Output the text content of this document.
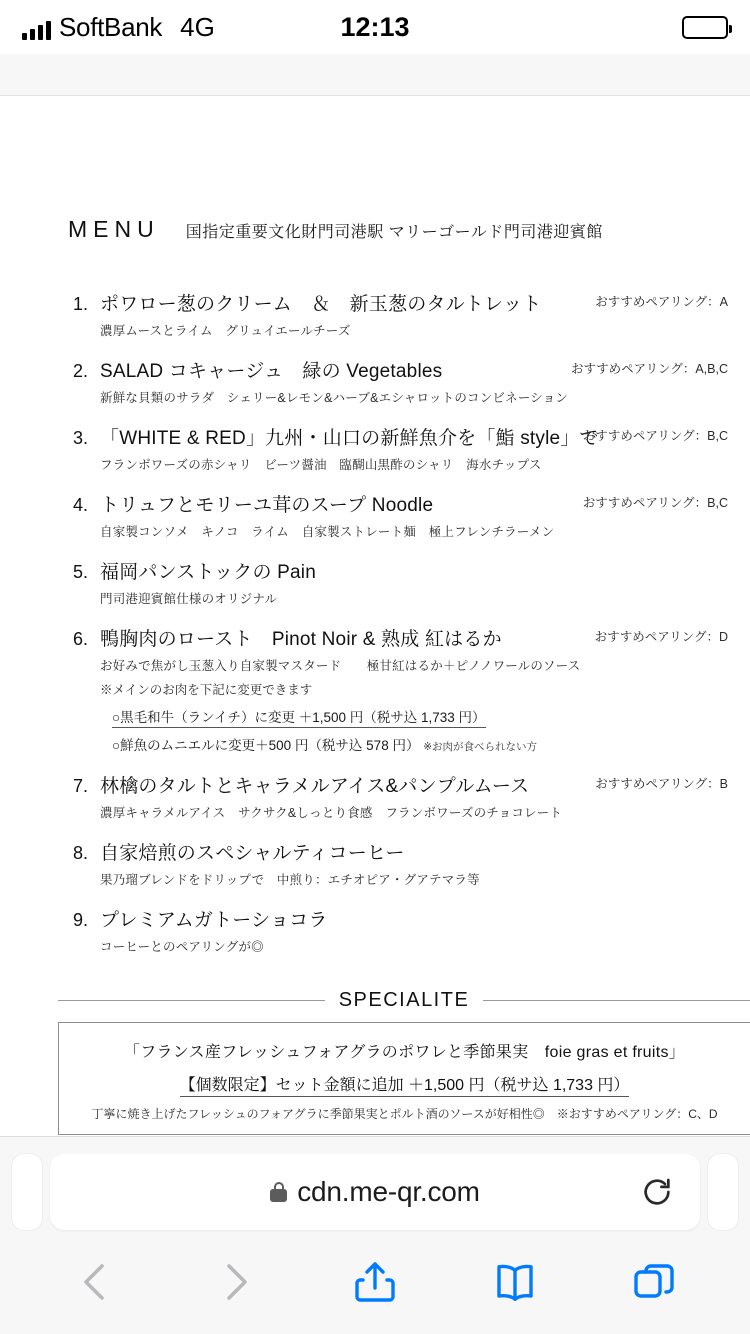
SoftBank 4G	12:13
MENU 国指定重要文化財門司港駅 マリーゴールド門司港迎賓館
1. ポワロー葱のクリーム　＆　新玉葱のタルトレット	おすすめペアリング：A
濃厚ムースとライム　グリュイエールチーズ
2. SALAD コキャージュ　緑の Vegetables	おすすめペアリング：A,B,C
新鮮な貝類のサラダ　シェリー&レモン&ハーブ&エシャロットのコンビネーション
3. 「WHITE & RED」九州・山口の新鮮魚介を「鮨 style」で
おすすめペアリング：B,C
フランボワーズの赤シャリ　ビーツ醤油　臨醐山黒酢のシャリ　海水チップス
4. トリュフとモリーユ茸のスープ Noodle	おすすめペアリング：B,C
自家製コンソメ　キノコ　ライム　自家製ストレート麺　極上フレンチラーメン
5. 福岡パンストックの Pain
門司港迎賓館仕様のオリジナル
6. 鴨胸肉のロースト　Pinot Noir & 熟成 紅はるか	おすすめペアリング：D
お好みで焦がし玉葱入り自家製マスタード　　極甘紅はるか＋ピノノワールのソース
※メインのお肉を下記に変更できます
○黒毛和牛（ランイチ）に変更 ＋1,500 円（税サ込 1,733 円）
○鮮魚のムニエルに変更＋500 円（税サ込 578 円） ※お肉が食べられない方
7. 林檎のタルトとキャラメルアイス&パンプルムース	おすすめペアリング：B
濃厚キャラメルアイス　サクサク&しっとり食感　フランボワーズのチョコレート
8. 自家焙煎のスペシャルティコーヒー
果乃瑠ブレンドをドリップで　中煎り：エチオピア・グアテマラ等
9. プレミアムガトーショコラ
コーヒーとのペアリングが◎
SPECIALITE
「フランス産フレッシュフォアグラのポワレと季節果実　foie gras et fruits」
【個数限定】セット金額に追加 ＋1,500 円（税サ込 1,733 円）
丁寧に焼き上げたフレッシュのフォアグラに季節果実とポルト酒のソースが好相性◎　※おすすめペアリング：C、D
cdn.me-qr.com
